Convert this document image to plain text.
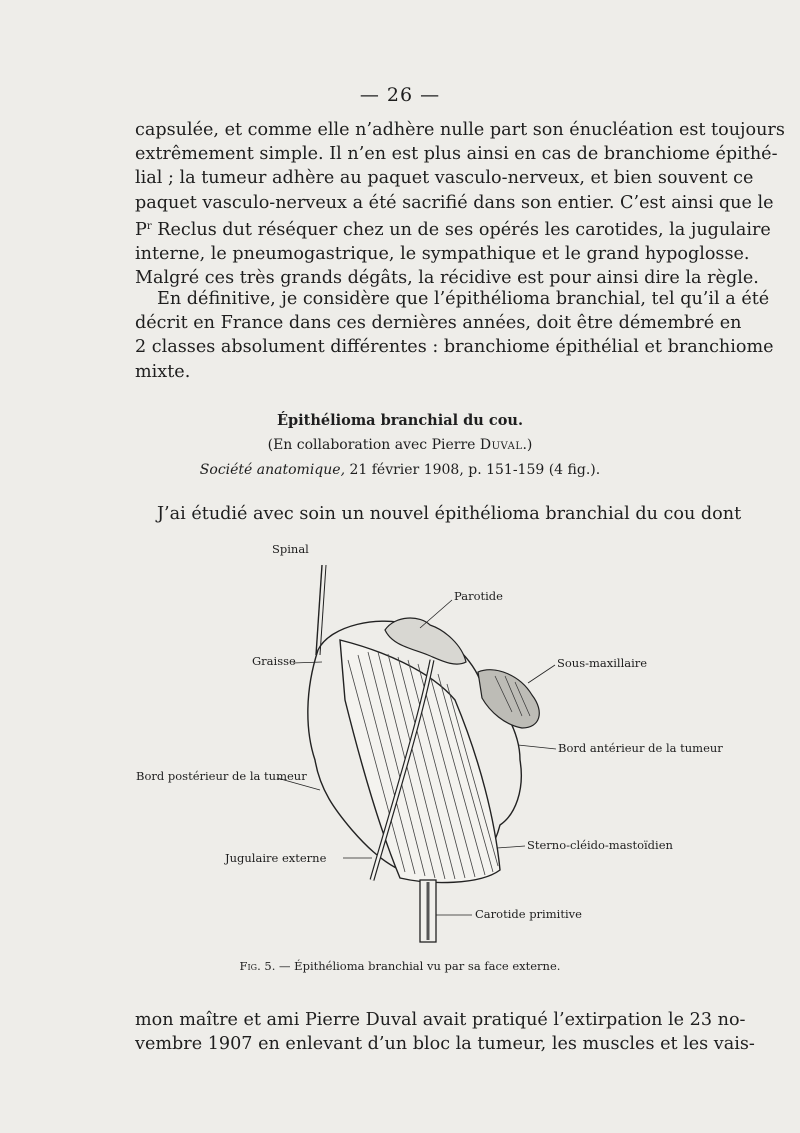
— 26 —
capsulée, et comme elle n’adhère nulle part son énucléation est toujours
extrêmement simple. Il n’en est plus ainsi en cas de branchiome épithé-
lial ; la tumeur adhère au paquet vasculo-nerveux, et bien souvent ce
paquet vasculo-nerveux a été sacrifié dans son entier. C’est ainsi que le
$P^r$ Reclus dut réséquer chez un de ses opérés les carotides, la jugulaire
interne, le pneumogastrique, le sympathique et le grand hypoglosse.
Malgré ces très grands dégâts, la récidive est pour ainsi dire la règle.
En définitive, je considère que l’épithélioma branchial, tel qu’il a été
décrit en France dans ces dernières années, doit être démembré en
2 classes absolument différentes : branchiome épithélial et branchiome
mixte.
Épithélioma branchial du cou.
(En collaboration avec Pierre Duval.)
Société anatomique, 21 février 1908, p. 151-159 (4 fig.).
J’ai étudié avec soin un nouvel épithélioma branchial du cou dont
Spinal
Parotide
Graisse	Sous-maxillaire
Bord antérieur de la tumeur
Bord postérieur de la tumeur
Sterno-cléido-mastoïdien
Jugulaire externe
Carotide primitive
Fig. 5. — Épithélioma branchial vu par sa face externe.
mon maître et ami Pierre Duval avait pratiqué l’extirpation le 23 no-
vembre 1907 en enlevant d’un bloc la tumeur, les muscles et les vais-
